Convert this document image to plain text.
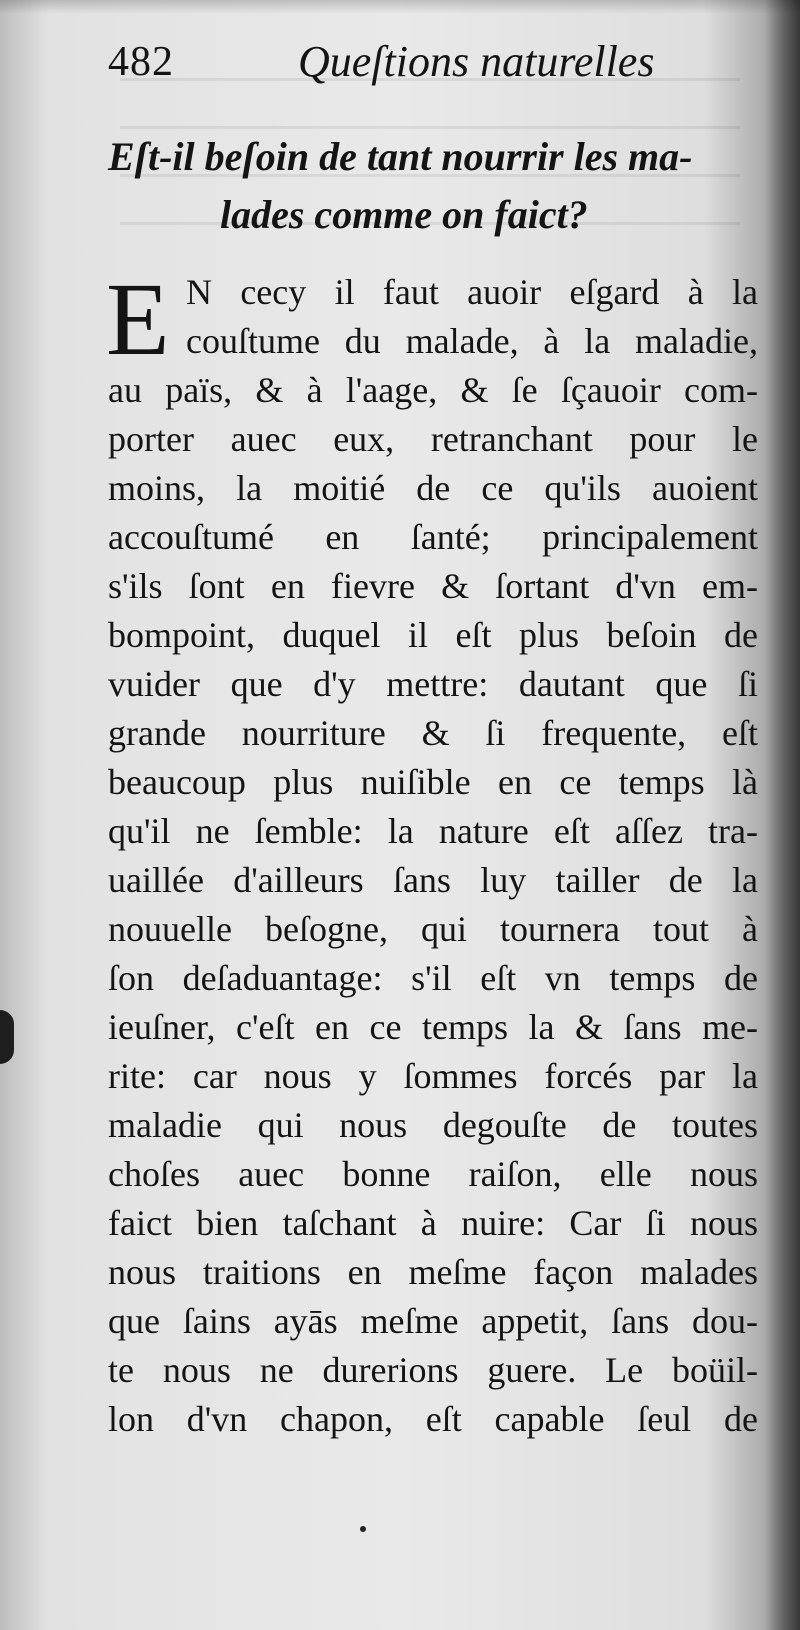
482	Queſtions naturelles
Eſt-il beſoin de tant nourrir les ma-
lades comme on faict?
E N cecy il faut auoir eſgard à la
couſtume du malade, à la maladie,
au païs, & à l'aage, & ſe ſçauoir com-
porter auec eux, retranchant pour le
moins, la moitié de ce qu'ils auoient
accouſtumé en ſanté; principalement
s'ils ſont en fievre & ſortant d'vn em-
bompoint, duquel il eſt plus beſoin de
vuider que d'y mettre: dautant que ſi
grande nourriture & ſi frequente, eſt
beaucoup plus nuiſible en ce temps là
qu'il ne ſemble: la nature eſt aſſez tra-
uaillée d'ailleurs ſans luy tailler de la
nouuelle beſogne, qui tournera tout à
ſon deſaduantage: s'il eſt vn temps de
ieuſner, c'eſt en ce temps la & ſans me-
rite: car nous y ſommes forcés par la
maladie qui nous degouſte de toutes
choſes auec bonne raiſon, elle nous
faict bien taſchant à nuire: Car ſi nous
nous traitions en meſme façon malades
que ſains ayās meſme appetit, ſans dou-
te nous ne durerions guere. Le boüil-
lon d'vn chapon, eſt capable ſeul de
